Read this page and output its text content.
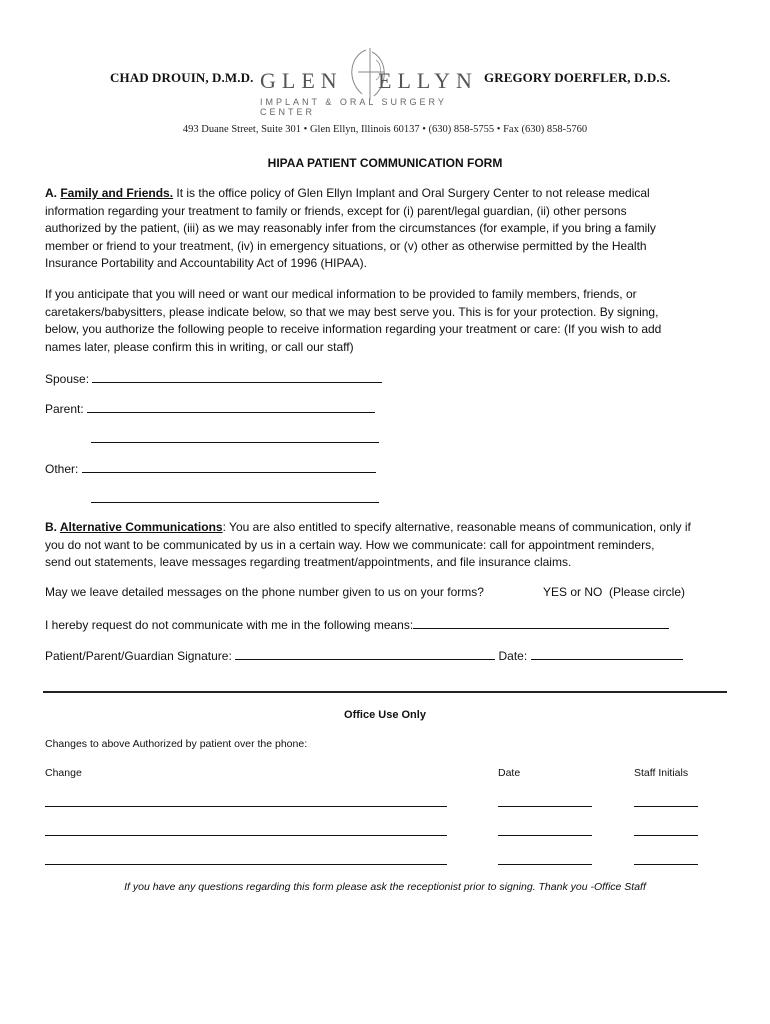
CHAD DROUIN, D.M.D.	GREGORY DOERFLER, D.D.S.
GLEN ELLYN
IMPLANT & ORAL SURGERY CENTER
493 Duane Street, Suite 301 • Glen Ellyn, Illinois 60137 • (630) 858-5755 • Fax (630) 858-5760
HIPAA PATIENT COMMUNICATION FORM
A. Family and Friends. It is the office policy of Glen Ellyn Implant and Oral Surgery Center to not release medical
information regarding your treatment to family or friends, except for (i) parent/legal guardian, (ii) other persons
authorized by the patient, (iii) as we may reasonably infer from the circumstances (for example, if you bring a family
member or friend to your treatment, (iv) in emergency situations, or (v) other as otherwise permitted by the Health
Insurance Portability and Accountability Act of 1996 (HIPAA).
If you anticipate that you will need or want our medical information to be provided to family members, friends, or
caretakers/babysitters, please indicate below, so that we may best serve you. This is for your protection. By signing,
below, you authorize the following people to receive information regarding your treatment or care: (If you wish to add
names later, please confirm this in writing, or call our staff)
Spouse:
Parent:
Other:
B. Alternative Communications: You are also entitled to specify alternative, reasonable means of communication, only if
you do not want to be communicated by us in a certain way. How we communicate: call for appointment reminders,
send out statements, leave messages regarding treatment/appointments, and file insurance claims.
May we leave detailed messages on the phone number given to us on your forms?	YES or NO (Please circle)
I hereby request do not communicate with me in the following means:
Patient/Parent/Guardian Signature:	Date:
Office Use Only
Changes to above Authorized by patient over the phone:
Change	Date	Staff Initials
If you have any questions regarding this form please ask the receptionist prior to signing. Thank you -Office Staff
